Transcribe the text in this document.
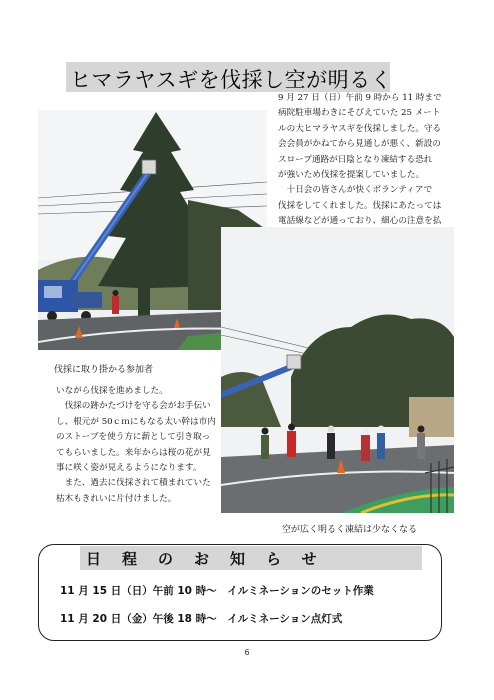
ヒマラヤスギを伐採し空が明るく
9 月 27 日（日）午前 9 時から 11 時まで
病院駐車場わきにそびえていた 25 メート
ルの大ヒマラヤスギを伐採しました。守る
会会員がかねてから見通しが悪く、新設の
スロープ通路が日陰となり凍結する恐れ
が強いため伐採を提案していました。
　十日会の皆さんが快くボランティアで
伐採をしてくれました。伐採にあたっては
電話線などが通っており、細心の注意を払
伐採に取り掛かる参加者
いながら伐採を進めました。
　伐採の跡かたづけを守る会がお手伝い
し、根元が 50ｃｍにもなる太い幹は市内
のストーブを使う方に薪として引き取っ
てもらいました。来年からは桜の花が見
事に咲く姿が見えるようになります。
　また、過去に伐採されて積まれていた
枯木もきれいに片付けました。
空が広く明るく凍結は少なくなる
日程のお知らせ
11 月 15 日（日）午前 10 時～　イルミネーションのセット作業
11 月 20 日（金）午後 18 時～　イルミネーション点灯式
6
